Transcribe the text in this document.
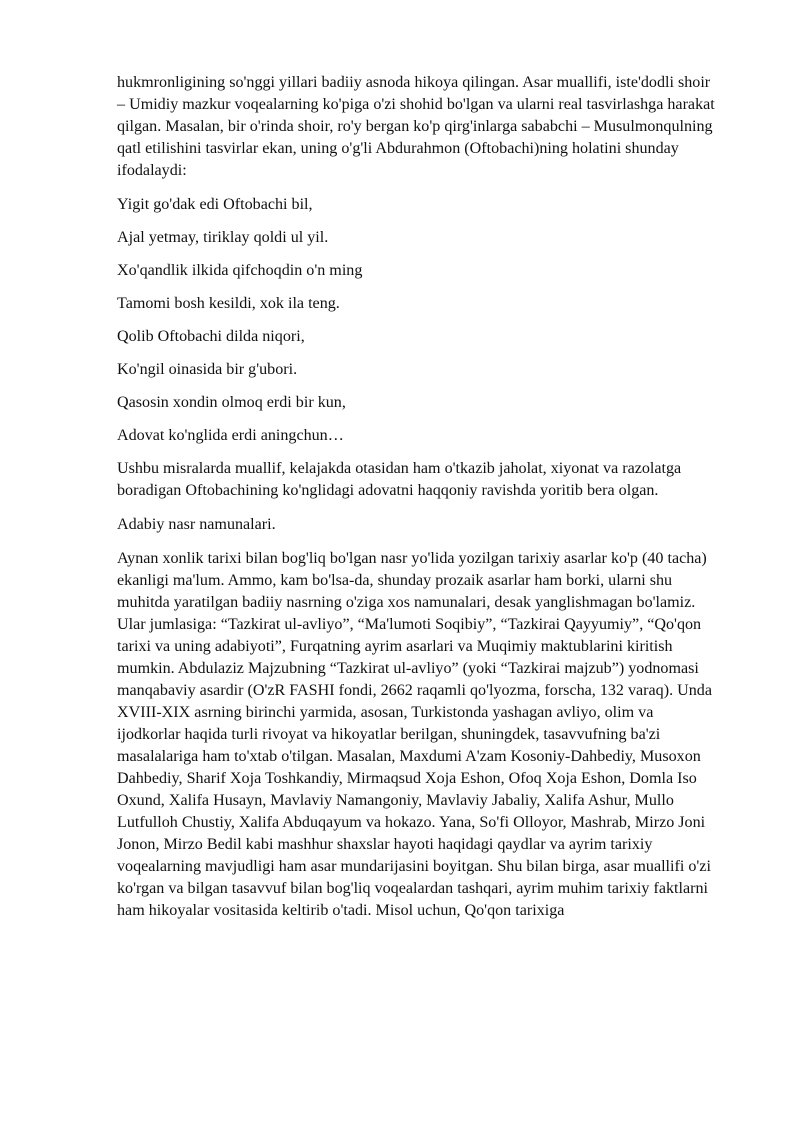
hukmronligining so'nggi yillari badiiy asnoda hikoya qilingan. Asar muallifi, iste'dodli shoir – Umidiy mazkur voqealarning ko'piga o'zi shohid bo'lgan va ularni real tasvirlashga harakat qilgan. Masalan, bir o'rinda shoir, ro'y bergan ko'p qirg'inlarga sababchi – Musulmonqulning qatl etilishini tasvirlar ekan, uning o'g'li Abdurahmon (Oftobachi)ning holatini shunday ifodalaydi:

Yigit go'dak edi Oftobachi bil,

Ajal yetmay, tiriklay qoldi ul yil.

Xo'qandlik ilkida qifchoqdin o'n ming

Tamomi bosh kesildi, xok ila teng.

Qolib Oftobachi dilda niqori,

Ko'ngil oinasida bir g'ubori.

Qasosin xondin olmoq erdi bir kun,

Adovat ko'nglida erdi aningchun…

Ushbu misralarda muallif, kelajakda otasidan ham o'tkazib jaholat, xiyonat va razolatga boradigan Oftobachining ko'nglidagi adovatni haqqoniy ravishda yoritib bera olgan.

Adabiy nasr namunalari.

Aynan xonlik tarixi bilan bog'liq bo'lgan nasr yo'lida yozilgan tarixiy asarlar ko'p (40 tacha) ekanligi ma'lum. Ammo, kam bo'lsa-da, shunday prozaik asarlar ham borki, ularni shu muhitda yaratilgan badiiy nasrning o'ziga xos namunalari, desak yanglishmagan bo'lamiz. Ular jumlasiga: “Tazkirat ul-avliyo”, “Ma'lumoti Soqibiy”, “Tazkirai Qayyumiy”, “Qo'qon tarixi va uning adabiyoti”, Furqatning ayrim asarlari va Muqimiy maktublarini kiritish mumkin. Abdulaziz Majzubning “Tazkirat ul-avliyo” (yoki “Tazkirai majzub”) yodnomasi manqabaviy asardir (O'zR FASHI fondi, 2662 raqamli qo'lyozma, forscha, 132 varaq). Unda XVIII-XIX asrning birinchi yarmida, asosan, Turkistonda yashagan avliyo, olim va ijodkorlar haqida turli rivoyat va hikoyatlar berilgan, shuningdek, tasavvufning ba'zi masalalariga ham to'xtab o'tilgan. Masalan, Maxdumi A'zam Kosoniy-Dahbediy, Musoxon Dahbediy, Sharif Xoja Toshkandiy, Mirmaqsud Xoja Eshon, Ofoq Xoja Eshon, Domla Iso Oxund, Xalifa Husayn, Mavlaviy Namangoniy, Mavlaviy Jabaliy, Xalifa Ashur, Mullo Lutfulloh Chustiy, Xalifa Abduqayum va hokazo. Yana, So'fi Olloyor, Mashrab, Mirzo Joni Jonon, Mirzo Bedil kabi mashhur shaxslar hayoti haqidagi qaydlar va ayrim tarixiy voqealarning mavjudligi ham asar mundarijasini boyitgan. Shu bilan birga, asar muallifi o'zi ko'rgan va bilgan tasavvuf bilan bog'liq voqealardan tashqari, ayrim muhim tarixiy faktlarni ham hikoyalar vositasida keltirib o'tadi. Misol uchun, Qo'qon tarixiga
